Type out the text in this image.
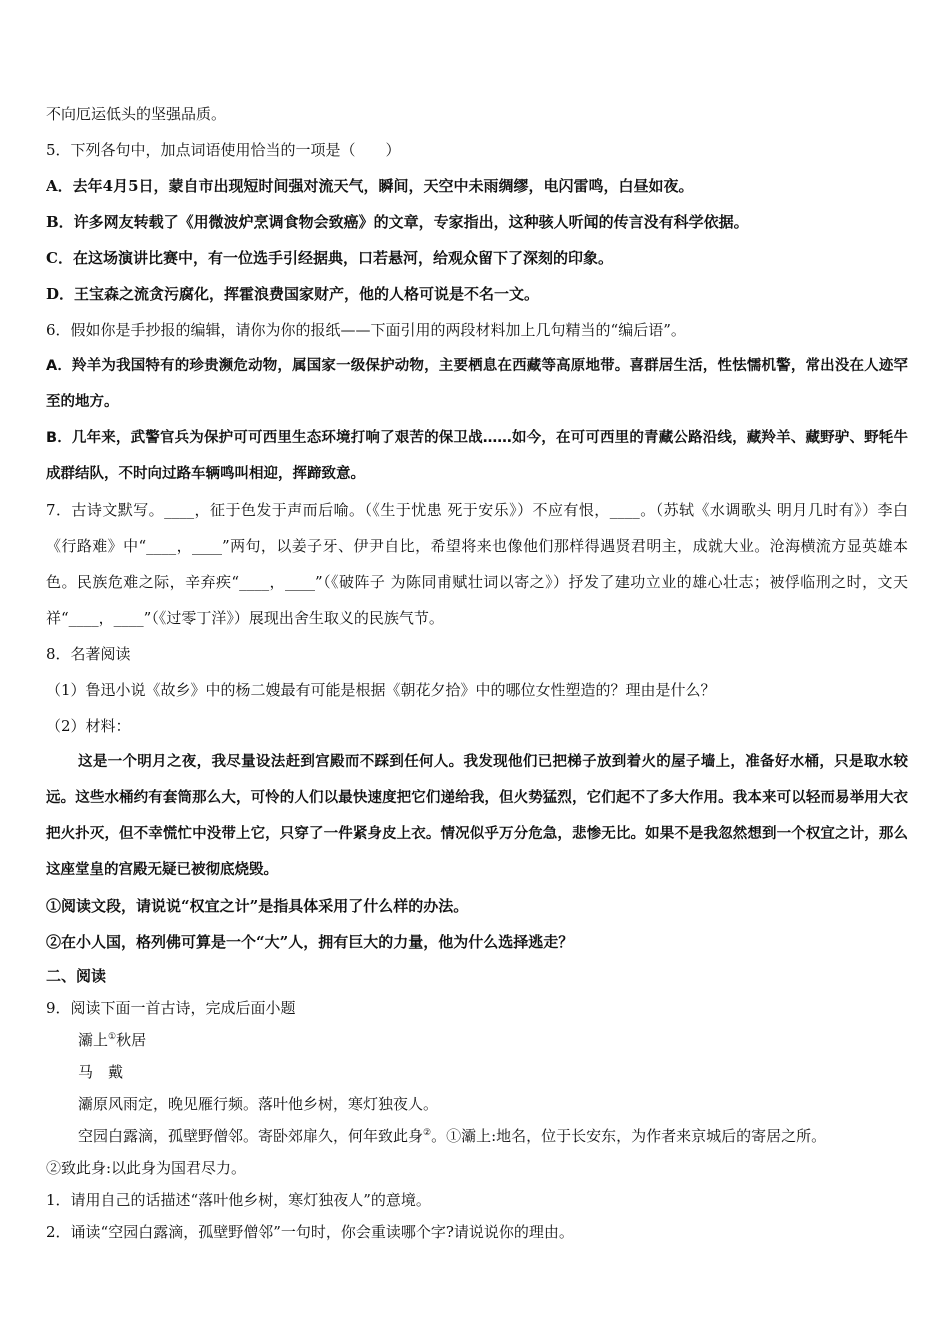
不向厄运低头的坚强品质。
5．下列各句中，加点词语使用恰当的一项是（　　）
A．去年4月5日，蒙自市出现短时间强对流天气，瞬间，天空中未雨绸缪，电闪雷鸣，白昼如夜。
B．许多网友转载了《用微波炉烹调食物会致癌》的文章，专家指出，这种骇人听闻的传言没有科学依据。
C．在这场演讲比赛中，有一位选手引经据典，口若悬河，给观众留下了深刻的印象。
D．王宝森之流贪污腐化，挥霍浪费国家财产，他的人格可说是不名一文。
6．假如你是手抄报的编辑，请你为你的报纸——下面引用的两段材料加上几句精当的“编后语”。
A．羚羊为我国特有的珍贵濒危动物，属国家一级保护动物，主要栖息在西藏等高原地带。喜群居生活，性怯懦机警，常出没在人迹罕至的地方。
B．几年来，武警官兵为保护可可西里生态环境打响了艰苦的保卫战……如今，在可可西里的青藏公路沿线，藏羚羊、藏野驴、野牦牛成群结队，不时向过路车辆鸣叫相迎，挥蹄致意。
7．古诗文默写。____，征于色发于声而后喻。（《生于忧患 死于安乐》）不应有恨，____。（苏轼《水调歌头 明月几时有》）李白《行路难》中“____，____”两句，以姜子牙、伊尹自比，希望将来也像他们那样得遇贤君明主，成就大业。沧海横流方显英雄本色。民族危难之际，辛弃疾“____，____”（《破阵子 为陈同甫赋壮词以寄之》）抒发了建功立业的雄心壮志；被俘临刑之时，文天祥“____，____”（《过零丁洋》）展现出舍生取义的民族气节。
8．名著阅读
（1）鲁迅小说《故乡》中的杨二嫂最有可能是根据《朝花夕拾》中的哪位女性塑造的？理由是什么？
（2）材料：
这是一个明月之夜，我尽量设法赶到宫殿而不踩到任何人。我发现他们已把梯子放到着火的屋子墙上，准备好水桶，只是取水较远。这些水桶约有套筒那么大，可怜的人们以最快速度把它们递给我，但火势猛烈，它们起不了多大作用。我本来可以轻而易举用大衣把火扑灭，但不幸慌忙中没带上它，只穿了一件紧身皮上衣。情况似乎万分危急，悲惨无比。如果不是我忽然想到一个权宜之计，那么这座堂皇的宫殿无疑已被彻底烧毁。
①阅读文段，请说说“权宜之计”是指具体采用了什么样的办法。
②在小人国，格列佛可算是一个“大”人，拥有巨大的力量，他为什么选择逃走？
二、阅读
9．阅读下面一首古诗，完成后面小题
灞上①秋居
马　戴
灞原风雨定，晚见雁行频。落叶他乡树，寒灯独夜人。
空园白露滴，孤壁野僧邻。寄卧郊扉久，何年致此身②。①灞上:地名，位于长安东，为作者来京城后的寄居之所。
②致此身:以此身为国君尽力。
1．请用自己的话描述“落叶他乡树，寒灯独夜人”的意境。
2．诵读“空园白露滴，孤壁野僧邻”一句时，你会重读哪个字?请说说你的理由。
